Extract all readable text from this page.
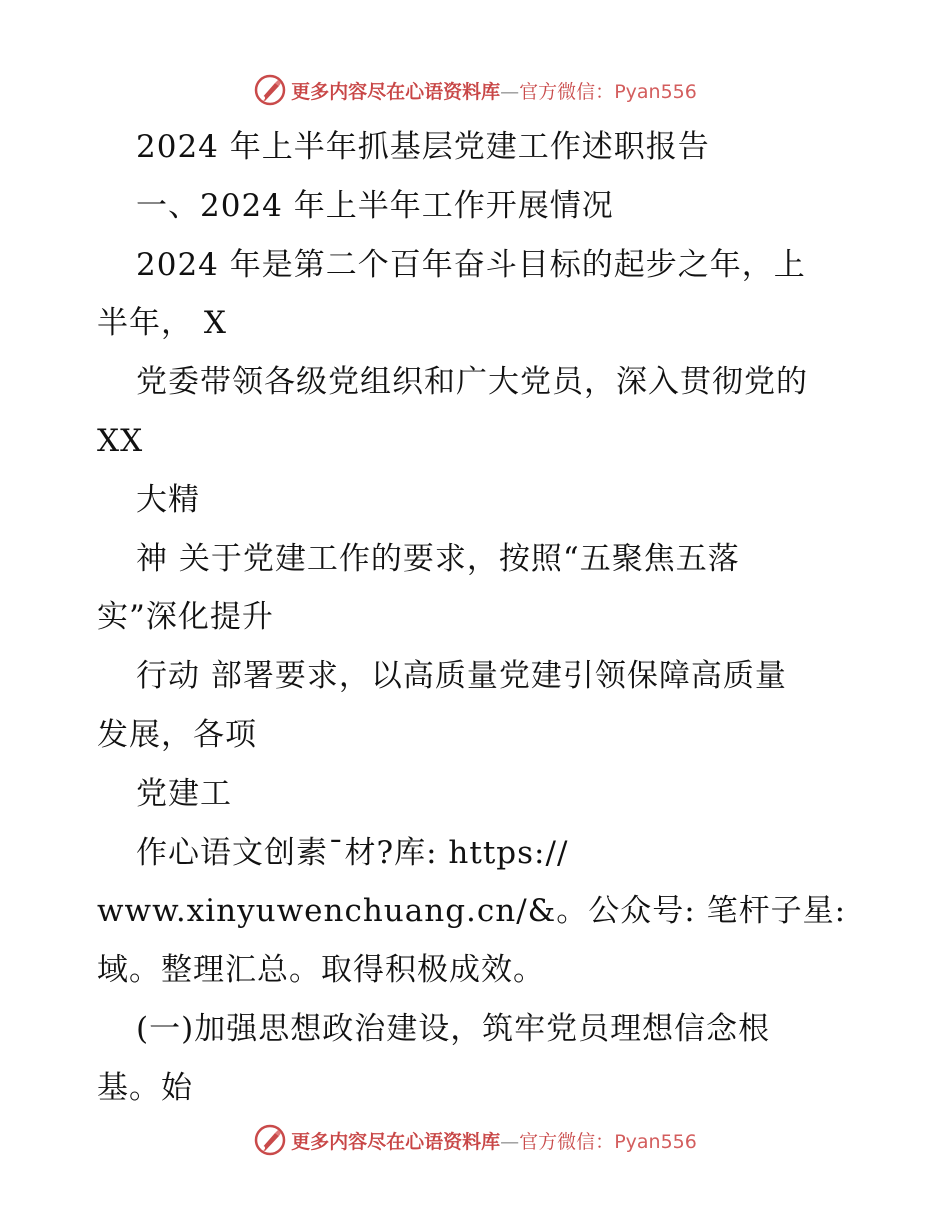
更多内容尽在心语资料库—官方微信：Pyan556
2024 年上半年抓基层党建工作述职报告
一、2024 年上半年工作开展情况
2024 年是第二个百年奋斗目标的起步之年，上
半年， X
党委带领各级党组织和广大党员，深入贯彻党的
XX
大精
神 关于党建工作的要求，按照“五聚焦五落
实”深化提升
行动 部署要求，以高质量党建引领保障高质量
发展，各项
党建工
作心语文创素¯材?库: https://
www.xinyuwenchuang.cn/&。公众号: 笔杆子星:
域。整理汇总。取得积极成效。
(一)加强思想政治建设，筑牢党员理想信念根
基。始
更多内容尽在心语资料库—官方微信：Pyan556
